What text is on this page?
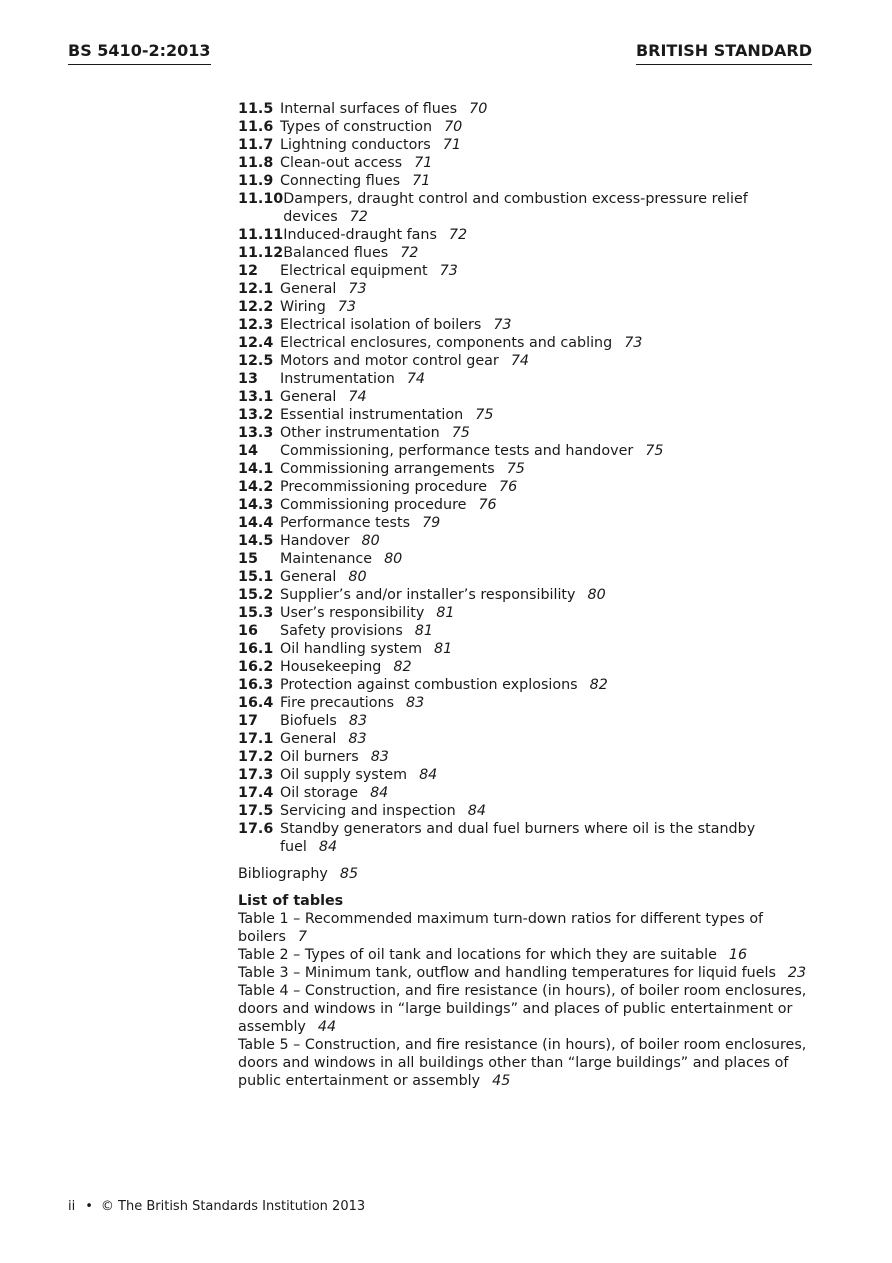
BS 5410-2:2013	BRITISH STANDARD
11.5 Internal surfaces of flues 70
11.6 Types of construction 70
11.7 Lightning conductors 71
11.8 Clean-out access 71
11.9 Connecting flues 71
11.10 Dampers, draught control and combustion excess-pressure relief devices 72
11.11 Induced-draught fans 72
11.12 Balanced flues 72
12	Electrical equipment 73
12.1 General 73
12.2 Wiring 73
12.3 Electrical isolation of boilers 73
12.4 Electrical enclosures, components and cabling 73
12.5 Motors and motor control gear 74
13	Instrumentation 74
13.1 General 74
13.2 Essential instrumentation 75
13.3 Other instrumentation 75
14	Commissioning, performance tests and handover 75
14.1 Commissioning arrangements 75
14.2 Precommissioning procedure 76
14.3 Commissioning procedure 76
14.4 Performance tests 79
14.5 Handover 80
15	Maintenance 80
15.1 General 80
15.2 Supplier’s and/or installer’s responsibility 80
15.3 User’s responsibility 81
16	Safety provisions 81
16.1 Oil handling system 81
16.2 Housekeeping 82
16.3 Protection against combustion explosions 82
16.4 Fire precautions 83
17	Biofuels 83
17.1 General 83
17.2 Oil burners 83
17.3 Oil supply system 84
17.4 Oil storage 84
17.5 Servicing and inspection 84
17.6 Standby generators and dual fuel burners where oil is the standby fuel 84
Bibliography 85
List of tables
Table 1 – Recommended maximum turn-down ratios for different types of boilers 7
Table 2 – Types of oil tank and locations for which they are suitable 16
Table 3 – Minimum tank, outflow and handling temperatures for liquid fuels 23
Table 4 – Construction, and fire resistance (in hours), of boiler room enclosures, doors and windows in “large buildings” and places of public entertainment or assembly 44
Table 5 – Construction, and fire resistance (in hours), of boiler room enclosures, doors and windows in all buildings other than “large buildings” and places of public entertainment or assembly 45
ii • © The British Standards Institution 2013
